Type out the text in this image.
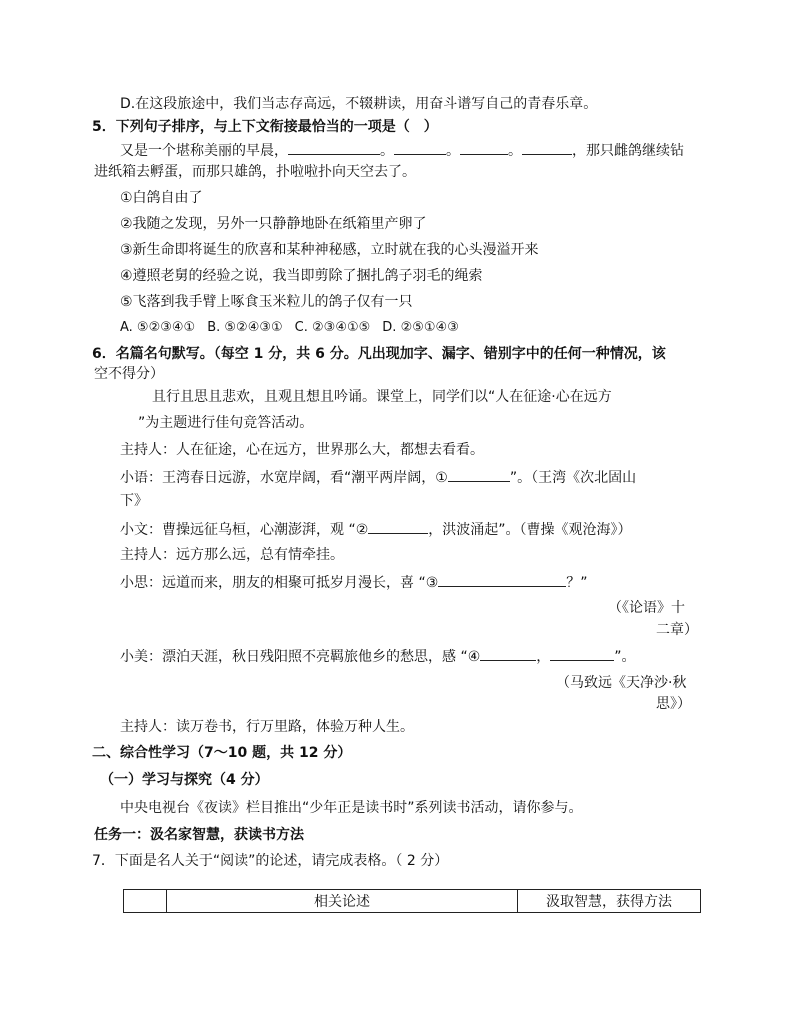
D.在这段旅途中，我们当志存高远，不辍耕读，用奋斗谱写自己的青春乐章。
5．下列句子排序，与上下文衔接最恰当的一项是（　）
又是一个堪称美丽的早晨，	。	。	。	，那只雌鸽继续钻
进纸箱去孵蛋，而那只雄鸽，扑啦啦扑向天空去了。
①白鸽自由了
②我随之发现，另外一只静静地卧在纸箱里产卵了
③新生命即将诞生的欣喜和某种神秘感，立时就在我的心头漫溢开来
④遵照老舅的经验之说，我当即剪除了捆扎鸽子羽毛的绳索
⑤飞落到我手臂上啄食玉米粒儿的鸽子仅有一只
A. ⑤②③④① B. ⑤②④③① C. ②③④①⑤ D. ②⑤①④③
6．名篇名句默写。（每空 1 分，共 6 分。凡出现加字、漏字、错别字中的任何一种情况，该
空不得分）
且行且思且悲欢，且观且想且吟诵。课堂上，同学们以“人在征途·心在远方
”为主题进行佳句竞答活动。
主持人：人在征途，心在远方，世界那么大，都想去看看。
小语：王湾春日远游，水宽岸阔，看“潮平两岸阔，①	”。（王湾《次北固山
下》
小文：曹操远征乌桓，心潮澎湃，观 “②	，洪波涌起”。（曹操《观沧海》）
主持人：远方那么远，总有情牵挂。
小思：远道而来，朋友的相聚可抵岁月漫长，喜 “③	？”
（《论语》十
二章）
小美：漂泊天涯，秋日残阳照不亮羁旅他乡的愁思，感 “④	，	”。
（马致远《天净沙·秋
思》）
主持人：读万卷书，行万里路，体验万种人生。
二、综合性学习（7～10 题，共 12 分）
（一）学习与探究（4 分）
中央电视台《夜读》栏目推出“少年正是读书时”系列读书活动，请你参与。
任务一：汲名家智慧，获读书方法
7．下面是名人关于“阅读”的论述，请完成表格。（ 2 分）
	相关论述	汲取智慧，获得方法
